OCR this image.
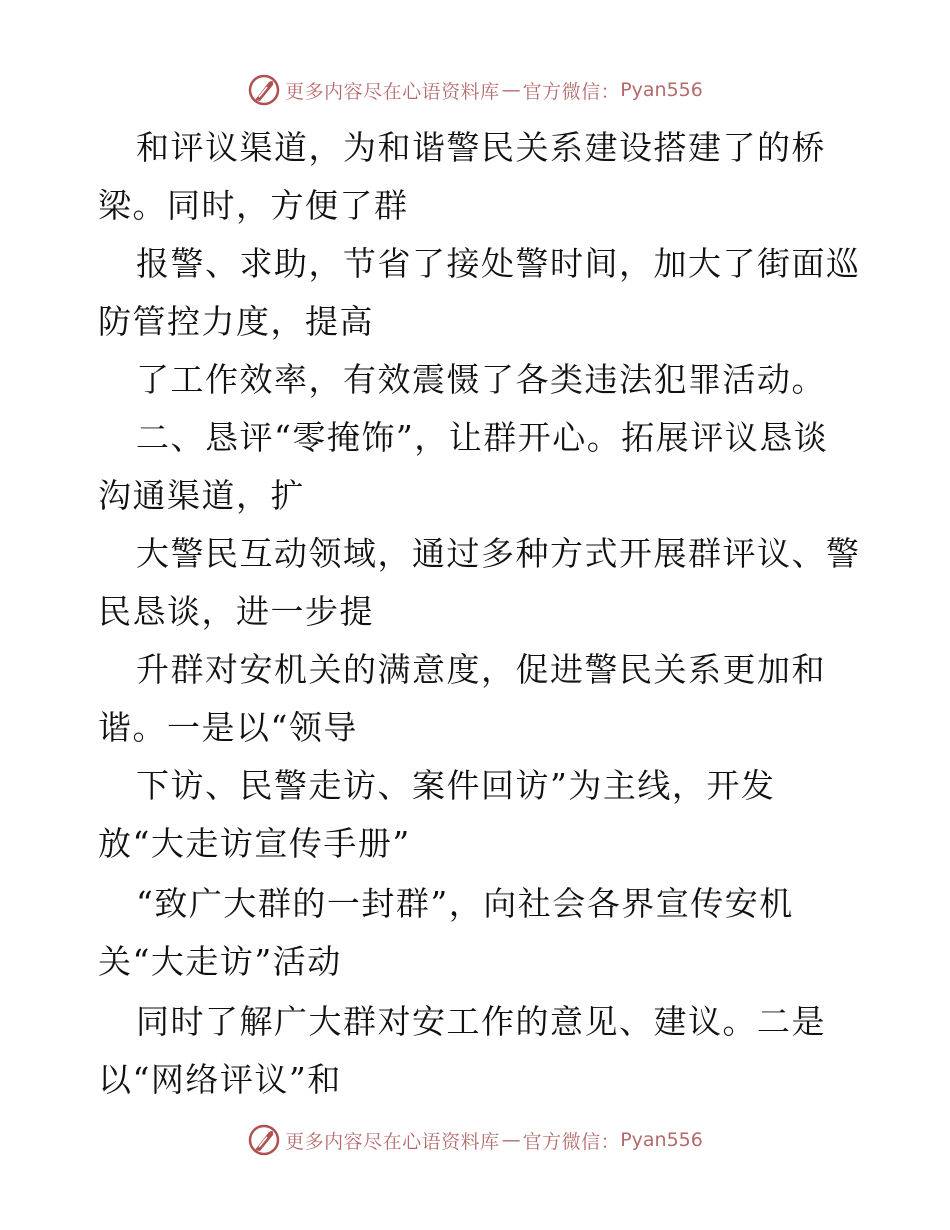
更多内容尽在心语资料库 — 官方微信： Pyan556
和评议渠道，为和谐警民关系建设搭建了的桥
梁。同时，方便了群
报警、求助，节省了接处警时间，加大了街面巡
防管控力度，提高
了工作效率，有效震慑了各类违法犯罪活动。
二、恳评“零掩饰”，让群开心。拓展评议恳谈
沟通渠道，扩
大警民互动领域，通过多种方式开展群评议、警
民恳谈，进一步提
升群对安机关的满意度，促进警民关系更加和
谐。一是以“领导
下访、民警走访、案件回访”为主线，开发
放“大走访宣传手册”
“致广大群的一封群”，向社会各界宣传安机
关“大走访”活动
同时了解广大群对安工作的意见、建议。二是
以“网络评议”和
更多内容尽在心语资料库 — 官方微信： Pyan556
